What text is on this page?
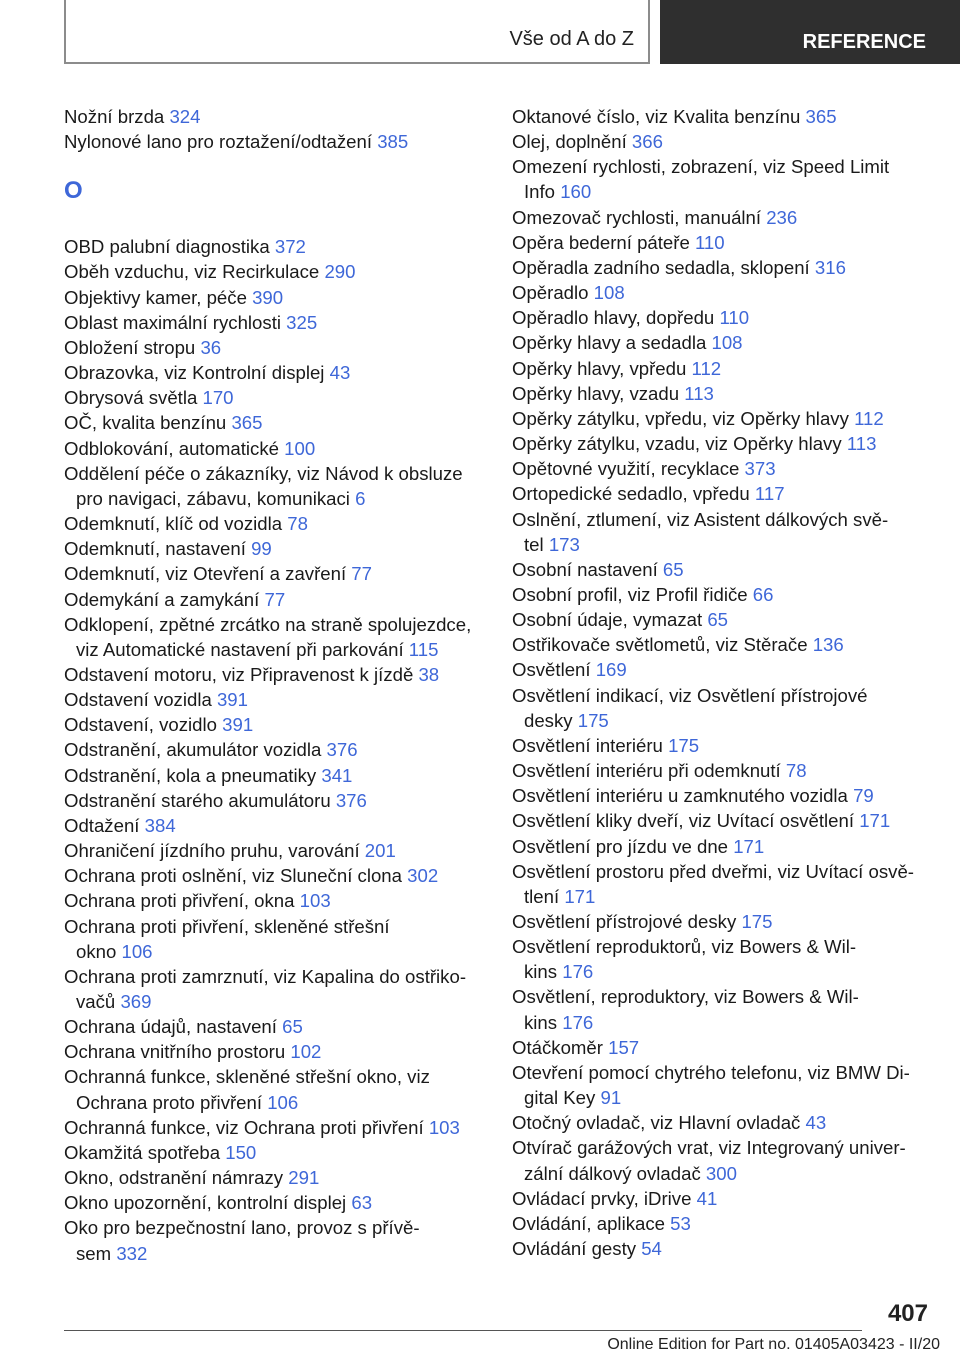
Vše od A do Z	REFERENCE
Nožní brzda 324
Nylonové lano pro roztažení/odtažení 385
O
OBD palubní diagnostika 372
Oběh vzduchu, viz Recirkulace 290
Objektivy kamer, péče 390
Oblast maximální rychlosti 325
Obložení stropu 36
Obrazovka, viz Kontrolní displej 43
Obrysová světla 170
OČ, kvalita benzínu 365
Odblokování, automatické 100
Oddělení péče o zákazníky, viz Návod k obsluze
pro navigaci, zábavu, komunikaci 6
Odemknutí, klíč od vozidla 78
Odemknutí, nastavení 99
Odemknutí, viz Otevření a zavření 77
Odemykání a zamykání 77
Odklopení, zpětné zrcátko na straně spolujezdce,
viz Automatické nastavení při parkování 115
Odstavení motoru, viz Připravenost k jízdě 38
Odstavení vozidla 391
Odstavení, vozidlo 391
Odstranění, akumulátor vozidla 376
Odstranění, kola a pneumatiky 341
Odstranění starého akumulátoru 376
Odtažení 384
Ohraničení jízdního pruhu, varování 201
Ochrana proti oslnění, viz Sluneční clona 302
Ochrana proti přivření, okna 103
Ochrana proti přivření, skleněné střešní
okno 106
Ochrana proti zamrznutí, viz Kapalina do ostřiko‐
vačů 369
Ochrana údajů, nastavení 65
Ochrana vnitřního prostoru 102
Ochranná funkce, skleněné střešní okno, viz
Ochrana proto přivření 106
Ochranná funkce, viz Ochrana proti přivření 103
Okamžitá spotřeba 150
Okno, odstranění námrazy 291
Okno upozornění, kontrolní displej 63
Oko pro bezpečnostní lano, provoz s přívě‐
sem 332
Oktanové číslo, viz Kvalita benzínu 365
Olej, doplnění 366
Omezení rychlosti, zobrazení, viz Speed Limit
Info 160
Omezovač rychlosti, manuální 236
Opěra bederní páteře 110
Opěradla zadního sedadla, sklopení 316
Opěradlo 108
Opěradlo hlavy, dopředu 110
Opěrky hlavy a sedadla 108
Opěrky hlavy, vpředu 112
Opěrky hlavy, vzadu 113
Opěrky zátylku, vpředu, viz Opěrky hlavy 112
Opěrky zátylku, vzadu, viz Opěrky hlavy 113
Opětovné využití, recyklace 373
Ortopedické sedadlo, vpředu 117
Oslnění, ztlumení, viz Asistent dálkových svě‐
tel 173
Osobní nastavení 65
Osobní profil, viz Profil řidiče 66
Osobní údaje, vymazat 65
Ostřikovače světlometů, viz Stěrače 136
Osvětlení 169
Osvětlení indikací, viz Osvětlení přístrojové
desky 175
Osvětlení interiéru 175
Osvětlení interiéru při odemknutí 78
Osvětlení interiéru u zamknutého vozidla 79
Osvětlení kliky dveří, viz Uvítací osvětlení 171
Osvětlení pro jízdu ve dne 171
Osvětlení prostoru před dveřmi, viz Uvítací osvě‐
tlení 171
Osvětlení přístrojové desky 175
Osvětlení reproduktorů, viz Bowers & Wil‐
kins 176
Osvětlení, reproduktory, viz Bowers & Wil‐
kins 176
Otáčkoměr 157
Otevření pomocí chytrého telefonu, viz BMW Di‐
gital Key 91
Otočný ovladač, viz Hlavní ovladač 43
Otvírač garážových vrat, viz Integrovaný univer‐
zální dálkový ovladač 300
Ovládací prvky, iDrive 41
Ovládání, aplikace 53
Ovládání gesty 54
407
Online Edition for Part no. 01405A03423 - II/20
